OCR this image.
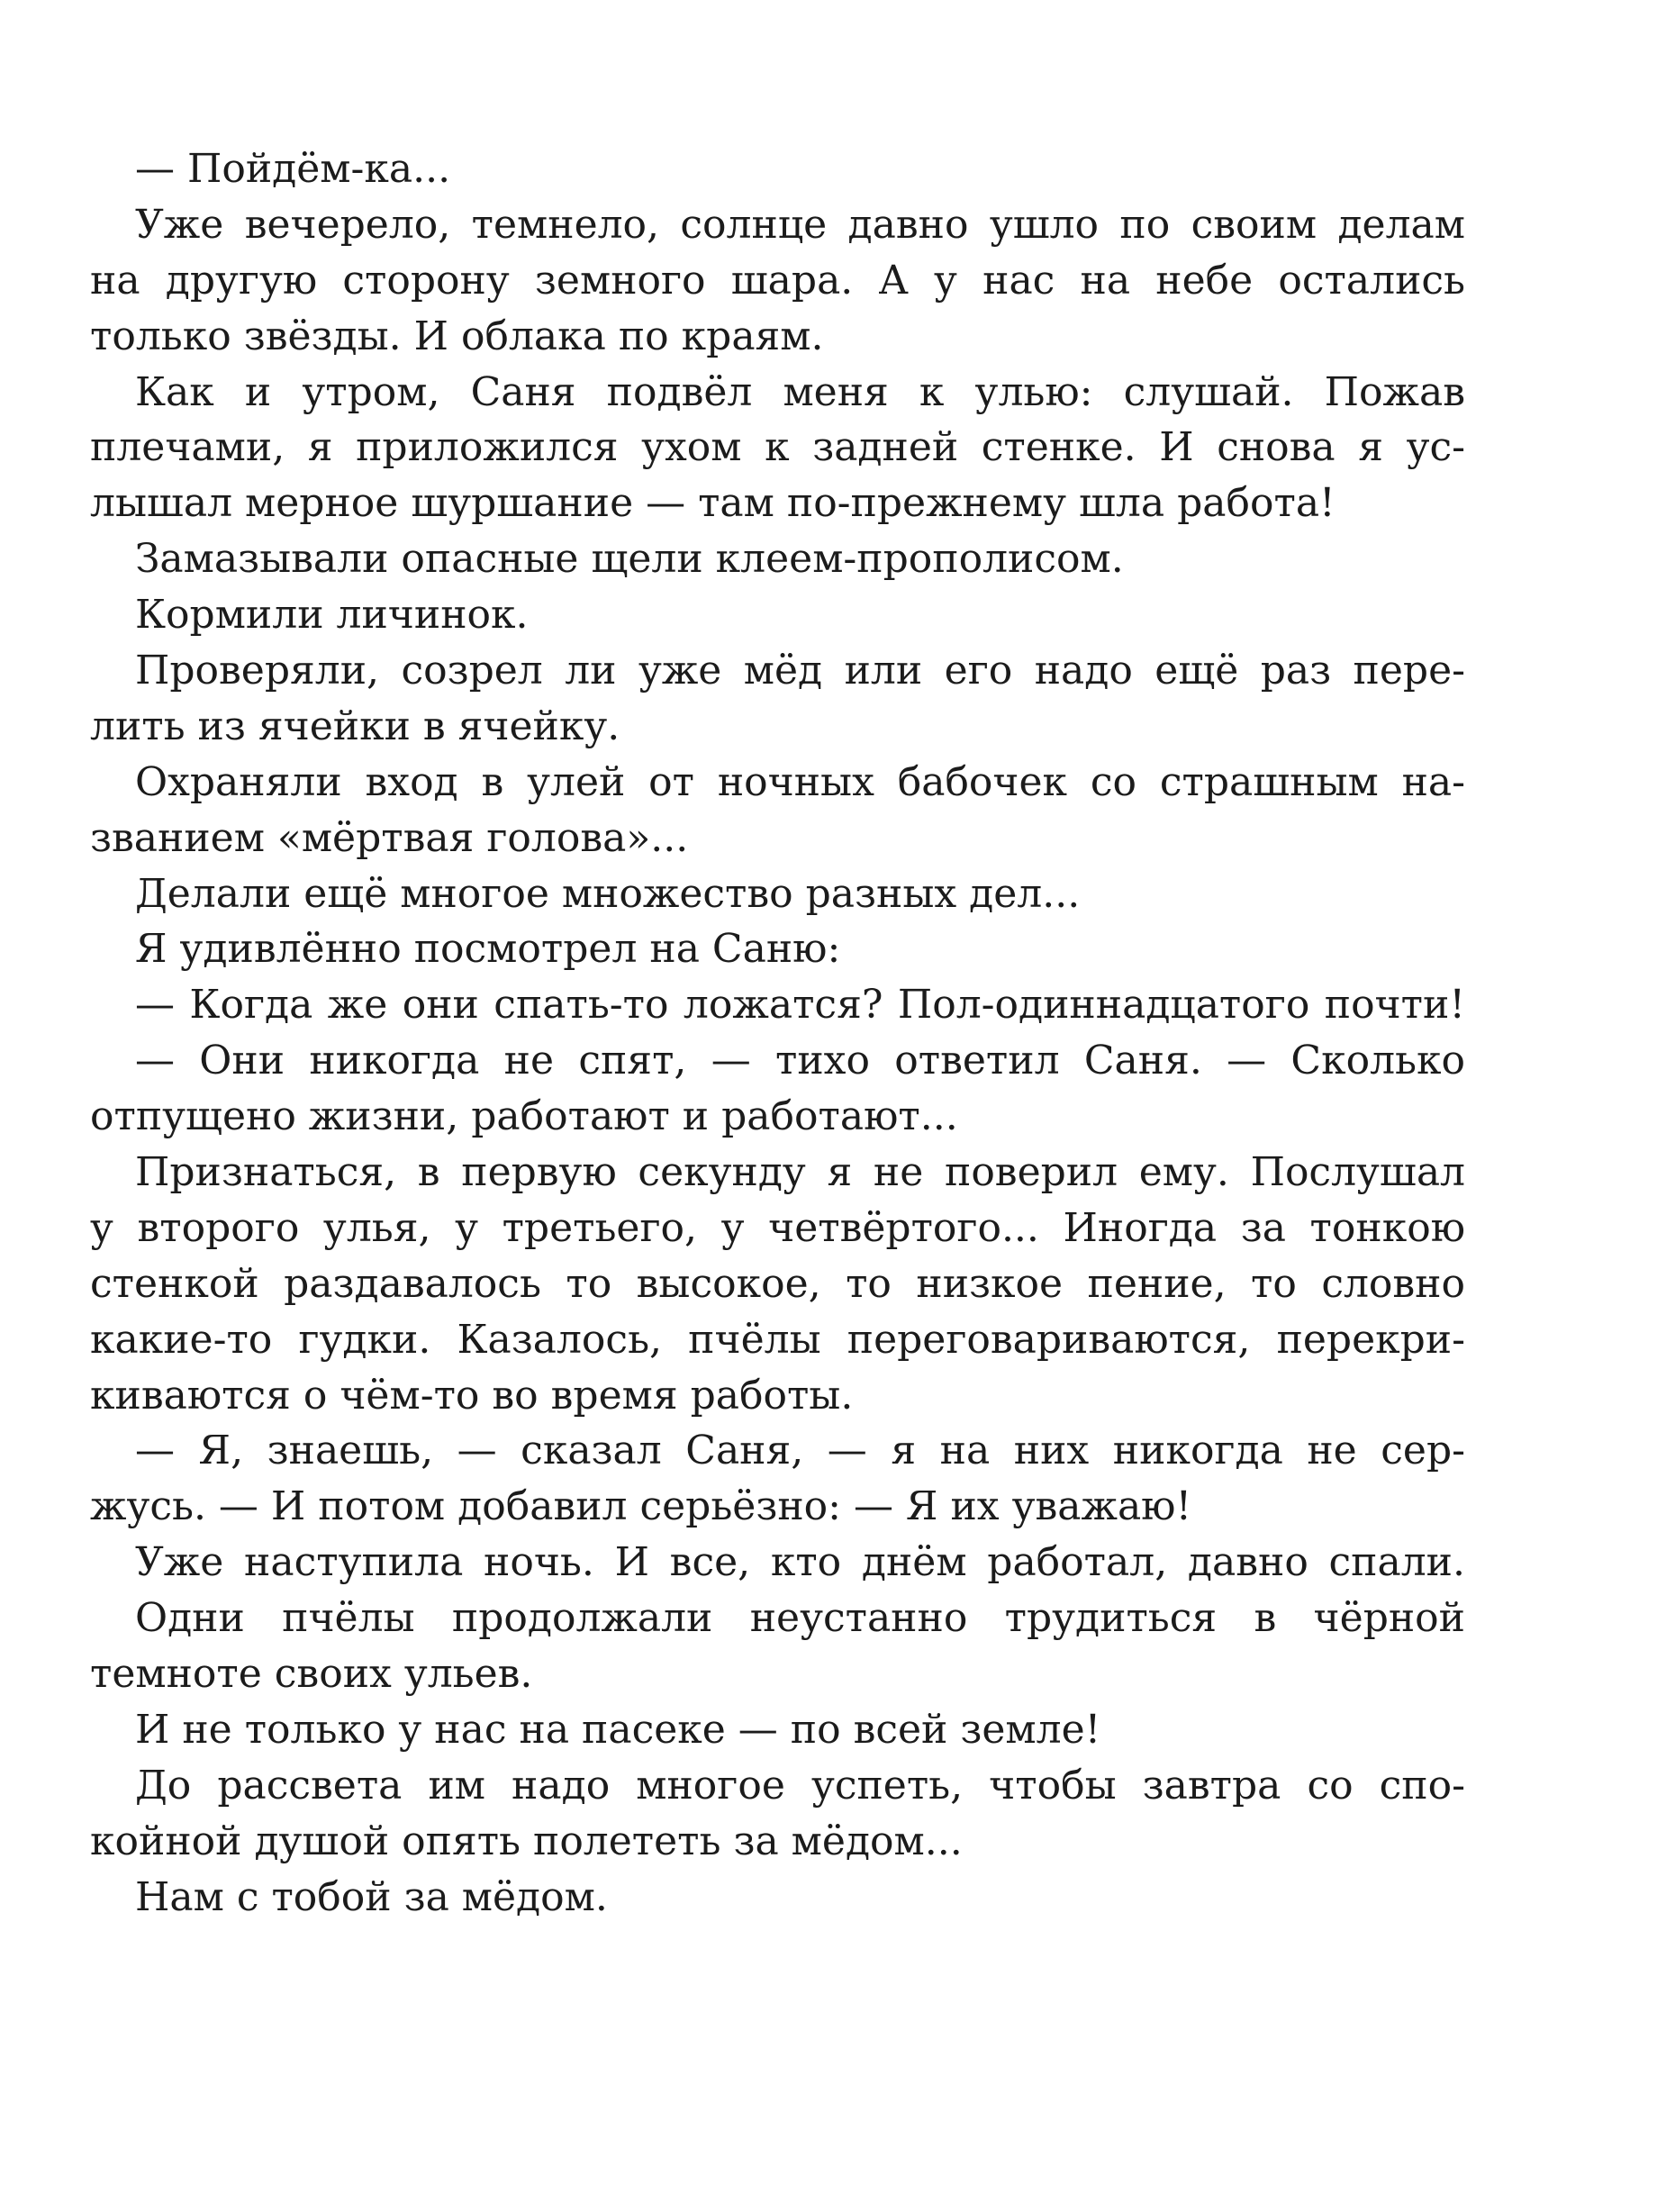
— Пойдём-ка...
Уже вечерело, темнело, солнце давно ушло по своим делам
на другую сторону земного шара. А у нас на небе остались
только звёзды. И облака по краям.
Как и утром, Саня подвёл меня к улью: слушай. Пожав
плечами, я приложился ухом к задней стенке. И снова я ус-
лышал мерное шуршание — там по-прежнему шла работа!
Замазывали опасные щели клеем-прополисом.
Кормили личинок.
Проверяли, созрел ли уже мёд или его надо ещё раз пере-
лить из ячейки в ячейку.
Охраняли вход в улей от ночных бабочек со страшным на-
званием «мёртвая голова»...
Делали ещё многое множество разных дел...
Я удивлённо посмотрел на Саню:
— Когда же они спать-то ложатся? Пол-одиннадцатого почти!
— Они никогда не спят, — тихо ответил Саня. — Сколько
отпущено жизни, работают и работают...
Признаться, в первую секунду я не поверил ему. Послушал
у второго улья, у третьего, у четвёртого... Иногда за тонкою
стенкой раздавалось то высокое, то низкое пение, то словно
какие-то гудки. Казалось, пчёлы переговариваются, перекри-
киваются о чём-то во время работы.
— Я, знаешь, — сказал Саня, — я на них никогда не сер-
жусь. — И потом добавил серьёзно: — Я их уважаю!
Уже наступила ночь. И все, кто днём работал, давно спали.
Одни пчёлы продолжали неустанно трудиться в чёрной
темноте своих ульев.
И не только у нас на пасеке — по всей земле!
До рассвета им надо многое успеть, чтобы завтра со спо-
койной душой опять полететь за мёдом...
Нам с тобой за мёдом.
